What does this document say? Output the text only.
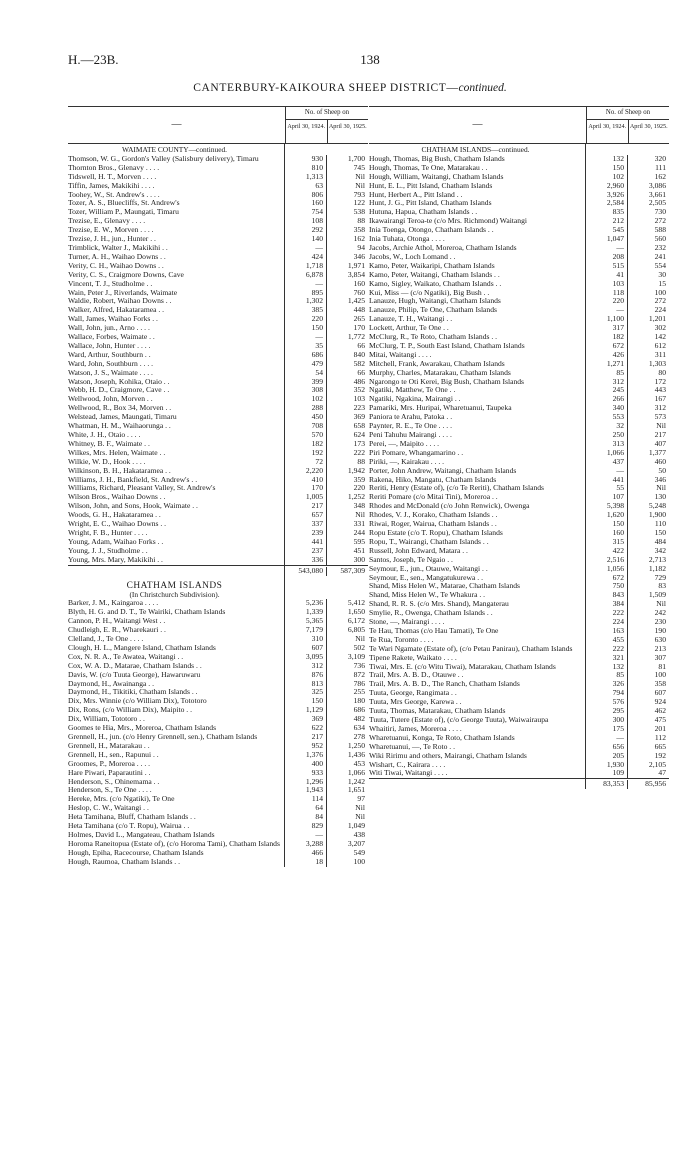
H.—23B.	138
CANTERBURY-KAIKOURA SHEEP DISTRICT—continued.
—
No. of Sheep on
April 30, 1924. April 30, 1925.
WAIMATE COUNTY—continued.
Thomson, W. G., Gordon's Valley (Salisbury delivery), Timaru	930	1,700
Thornton Bros., Glenavy . . . .	810	745
Tidswell, H. T., Morven . . . .	1,313	Nil
Tiffin, James, Makikihi . . . .	63	Nil
Toohey, W., St. Andrew's . . . .	806	793
Tozer, A. S., Bluecliffs, St. Andrew's	160	122
Tozer, William P., Maungati, Timaru	754	538
Trezise, E., Glenavy . . . .	108	88
Trezise, E. W., Morven . . . .	292	358
Trezise, J. H., jun., Hunter . .	140	162
Trimblick, Walter J., Makikihi . .	—	94
Turner, A. H., Waihao Downs . .	424	346
Verity, C. H., Waihao Downs . .	1,718	1,971
Verity, C. S., Craigmore Downs, Cave	6,878	3,854
Vincent, T. J., Studholme . .	—	160
Wain, Peter J., Riverlands, Waimate	895	760
Waldie, Robert, Waihao Downs . .	1,302	1,425
Walker, Alfred, Hakataramea . .	385	448
Wall, James, Waihao Forks . .	220	265
Wall, John, jun., Arno . . . .	150	170
Wallace, Forbes, Waimate . .	—	1,772
Wallace, John, Hunter . . . .	35	66
Ward, Arthur, Southburn . .	686	840
Ward, John, Southburn . . . .	479	582
Watson, J. S., Waimate . . . .	54	66
Watson, Joseph, Kohika, Otaio . .	399	486
Webb, H. D., Craigmore, Cave . .	308	352
Wellwood, John, Morven . .	102	103
Wellwood, R., Box 34, Morven . .	288	223
Welstead, James, Maungati, Timaru	450	369
Whatman, H. M., Waihaorunga . .	708	658
White, J. H., Otaio . . . .	570	624
Whitney, B. F., Waimate . .	182	173
Wilkes, Mrs. Helen, Waimate . .	192	222
Wilkie, W. D., Hook . . . .	72	88
Wilkinson, B. H., Hakataramea . .	2,220	1,942
Williams, J. H., Bankfield, St. Andrew's . .	410	359
Williams, Richard, Pleasant Valley, St. Andrew's	170	220
Wilson Bros., Waihao Downs . .	1,005	1,252
Wilson, John, and Sons, Hook, Waimate . .	217	348
Woods, G. H., Hakataramea . .	657	Nil
Wright, E. C., Waihao Downs . .	337	331
Wright, F. B., Hunter . . . .	239	244
Young, Adam, Waihao Forks . .	441	595
Young, J. J., Studholme . .	237	451
Young, Mrs. Mary, Makikihi . .	336	300
543,080	587,309
CHATHAM ISLANDS
(In Christchurch Subdivision).
Barker, J. M., Kaingaroa . . . .	5,236	5,412
Blyth, H. G. and D. T., Te Wairiki, Chatham Islands	1,339	1,650
Cannon, P. H., Waitangi West . .	5,365	6,172
Chudleigh, E. R., Wharekauri . .	7,179	6,805
Clelland, J., Te One . . . .	310	Nil
Clough, H. L., Mangere Island, Chatham Islands	607	502
Cox, N. R. A., Te Awatea, Waitangi . .	3,095	3,109
Cox, W. A. D., Matarae, Chatham Islands . .	312	736
Davis, W. (c/o Tuuta George), Hawaruwaru	876	872
Daymond, H., Awainanga . .	813	786
Daymond, H., Tikitiki, Chatham Islands . .	325	255
Dix, Mrs. Winnie (c/o William Dix), Tototoro	150	180
Dix, Rons, (c/o William Dix), Maipito . .	1,129	686
Dix, William, Tototoro . .	369	482
Goomes te Hia, Mrs., Moreroa, Chatham Islands	622	634
Grennell, H., jun. (c/o Henry Grennell, sen.), Chatham Islands	217	278
Grennell, H., Matarakau . .	952	1,250
Grennell, H., sen., Rapunui . .	1,376	1,436
Groomes, P., Moreroa . . . .	400	453
Hare Piwari, Paparautini . .	933	1,066
Henderson, S., Ohinemama . .	1,296	1,242
Henderson, S., Te One . . . .	1,943	1,651
Hereke, Mrs. (c/o Ngatiki), Te One	114	97
Heslop, C. W., Waitangi . .	64	Nil
Heta Tamihana, Bluff, Chatham Islands . .	84	Nil
Heta Tamihana (c/o T. Ropu), Wairua . .	829	1,049
Holmes, David L., Mangateau, Chatham Islands	—	438
Horoma Raneitopua (Estate of), (c/o Horoma Tami), Chatham Islands	3,288	3,207
Hough, Epiha, Racecourse, Chatham Islands	466	549
Hough, Raumoa, Chatham Islands . .	18	100
—
No. of Sheep on
April 30, 1924. April 30, 1925.
CHATHAM ISLANDS—continued.
Hough, Thomas, Big Bush, Chatham Islands	132	320
Hough, Thomas, Te One, Matarakau . .	150	111
Hough, William, Waitangi, Chatham Islands	102	162
Hunt, E. L., Pitt Island, Chatham Islands	2,960	3,086
Hunt, Herbert A., Pitt Island . .	3,926	3,661
Hunt, J. G., Pitt Island, Chatham Islands	2,584	2,505
Hutuna, Hapua, Chatham Islands . .	835	730
Ikawairangi Teroa-te (c/o Mrs. Richmond) Waitangi	212	272
Inia Toenga, Otongo, Chatham Islands . .	545	588
Inia Tuhata, Otonga . . . .	1,047	560
Jacobs, Archie Athol, Moreroa, Chatham Islands	—	232
Jacobs, W., Loch Lomand . .	208	241
Kamo, Peter, Waikaripi, Chatham Islands	515	554
Kamo, Peter, Waitangi, Chatham Islands . .	41	30
Kamo, Sigley, Waikato, Chatham Islands . .	103	15
Kui, Miss — (c/o Ngatiki), Big Bush . .	118	100
Lanauze, Hugh, Waitangi, Chatham Islands	220	272
Lanauze, Philip, Te One, Chatham Islands	—	224
Lanauze, T. H., Waitangi . .	1,100	1,201
Lockett, Arthur, Te One . .	317	302
McClurg, R., Te Roto, Chatham Islands . .	182	142
McClurg, T. P., South East Island, Chatham Islands	672	612
Mitai, Waitangi . . . .	426	311
Mitchell, Frank, Awarakau, Chatham Islands	1,271	1,303
Murphy, Charles, Matarakau, Chatham Islands	85	80
Ngarongo te Oti Kerei, Big Bush, Chatham Islands	312	172
Ngatiki, Matthew, Te One . .	245	443
Ngatiki, Ngakina, Mairangi . .	266	167
Pamariki, Mrs. Huripai, Wharetuanui, Taupeka	340	312
Paniora te Arahu, Patoka . .	553	573
Paynter, R. E., Te One . . . .	32	Nil
Peni Tahuhu Mairangi . . . .	250	217
Perei, —, Maipito . . . .	313	407
Piri Pomare, Whangamarino . .	1,066	1,377
Piriki, —, Kairakau . . . .	437	460
Porter, John Andrew, Waitangi, Chatham Islands	—	50
Rakena, Hiko, Mangatu, Chatham Islands	441	346
Reriti, Henry (Estate of), (c/o Te Reriti), Chatham Islands	55	Nil
Reriti Pomare (c/o Mitai Tini), Moreroa . .	107	130
Rhodes and McDonald (c/o John Renwick), Owenga	5,398	5,248
Rhodes, V. J., Korako, Chatham Islands . .	1,620	1,900
Riwai, Roger, Wairua, Chatham Islands . .	150	110
Ropu Estate (c/o T. Ropu), Chatham Islands	160	150
Ropu, T., Wairangi, Chatham Islands . .	315	484
Russell, John Edward, Matara . .	422	342
Santos, Joseph, Te Ngaio . .	2,516	2,713
Seymour, E., jun., Otauwe, Waitangi . .	1,056	1,182
Seymour, E., sen., Mangatukurewa . .	672	729
Shand, Miss Helen W., Matarae, Chatham Islands	750	83
Shand, Miss Helen W., Te Whakura . .	843	1,509
Shand, R. R. S. (c/o Mrs. Shand), Mangaterau	384	Nil
Smylie, R., Owenga, Chatham Islands . .	222	242
Stone, —, Mairangi . . . .	224	230
Te Hau, Thomas (c/o Hau Tamati), Te One	163	190
Te Rua, Toronto . . . .	455	630
Te Wari Ngamate (Estate of), (c/o Petau Panirau), Chatham Islands	222	213
Tipene Rakete, Waikato . . . .	321	307
Tiwai, Mrs. E. (c/o Witu Tiwai), Matarakau, Chatham Islands	132	81
Trail, Mrs. A. B. D., Otauwe . .	85	100
Trail, Mrs. A. B. D., The Ranch, Chatham Islands	326	358
Tuuta, George, Rangimata . .	794	607
Tuuta, Mrs George, Karewa . .	576	924
Tuuta, Thomas, Matarakau, Chatham Islands	295	462
Tuuta, Tutere (Estate of), (c/o George Tuuta), Waiwairaupa	300	475
Whaitiri, James, Moreroa . . . .	175	201
Wharetuanui, Konga, Te Roto, Chatham Islands	—	112
Wharetuanui, —, Te Roto . .	656	665
Wiki Ririmu and others, Mairangi, Chatham Islands	205	192
Wishart, C., Kairara . . . .	1,930	2,105
Witi Tiwai, Waitangi . . . .	109	47
83,353	85,956
